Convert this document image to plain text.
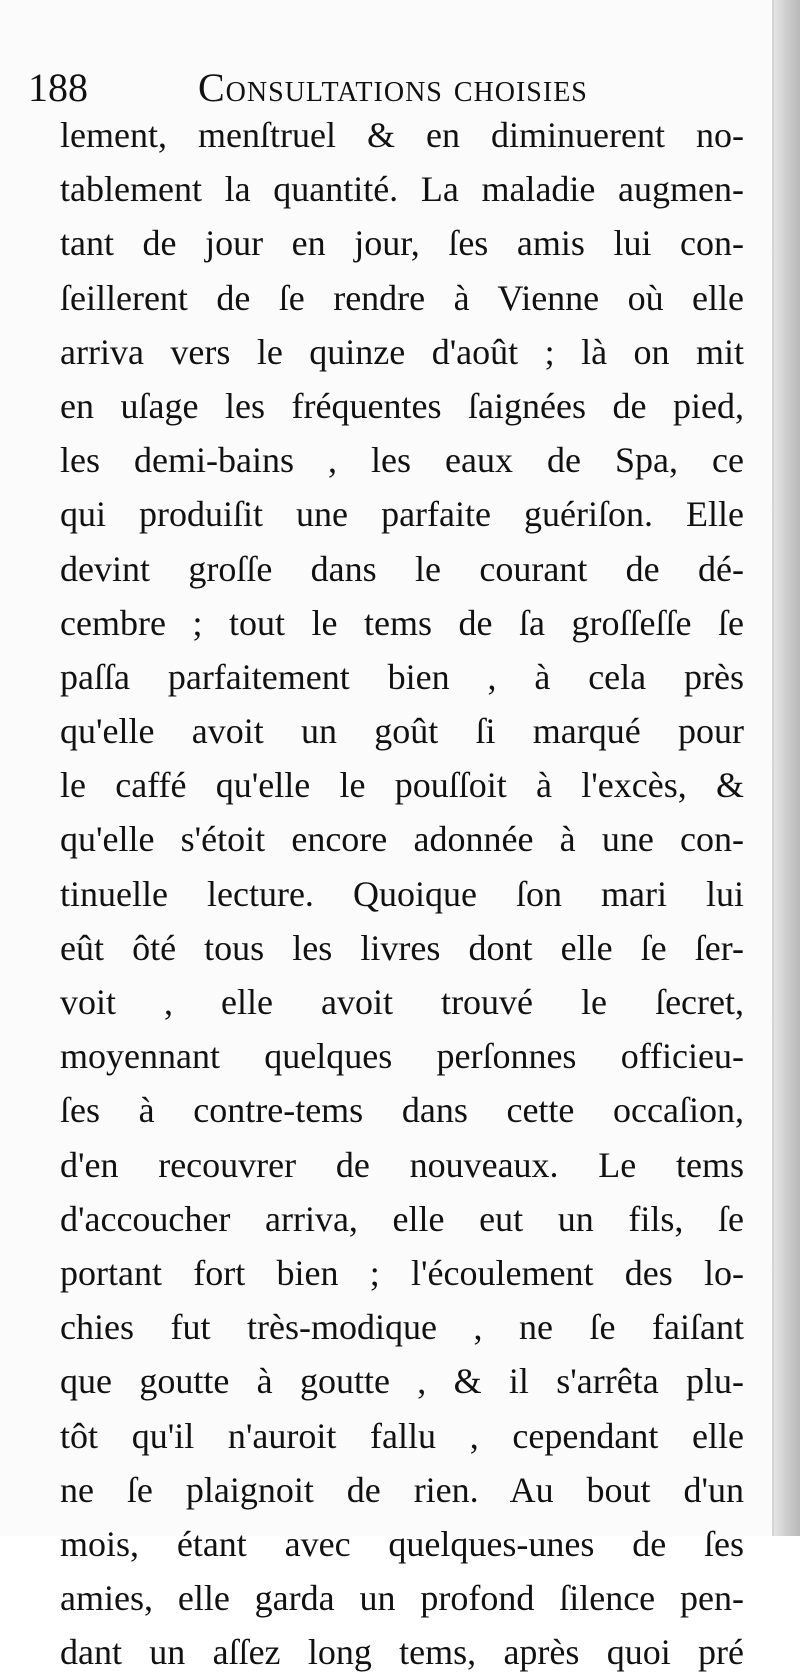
188	Consultations choisies
lement, menſtruel & en diminuerent no-
tablement la quantité. La maladie augmen-
tant de jour en jour, ſes amis lui con-
ſeillerent de ſe rendre à Vienne où elle
arriva vers le quinze d'août ; là on mit
en uſage les fréquentes ſaignées de pied,
les demi-bains , les eaux de Spa, ce
qui produiſit une parfaite guériſon. Elle
devint groſſe dans le courant de dé-
cembre ; tout le tems de ſa groſſeſſe ſe
paſſa parfaitement bien , à cela près
qu'elle avoit un goût ſi marqué pour
le caffé qu'elle le pouſſoit à l'excès, &
qu'elle s'étoit encore adonnée à une con-
tinuelle lecture. Quoique ſon mari lui
eût ôté tous les livres dont elle ſe ſer-
voit , elle avoit trouvé le ſecret,
moyennant quelques perſonnes officieu-
ſes à contre-tems dans cette occaſion,
d'en recouvrer de nouveaux. Le tems
d'accoucher arriva, elle eut un fils, ſe
portant fort bien ; l'écoulement des lo-
chies fut très-modique , ne ſe faiſant
que goutte à goutte , & il s'arrêta plu-
tôt qu'il n'auroit fallu , cependant elle
ne ſe plaignoit de rien. Au bout d'un
mois, étant avec quelques-unes de ſes
amies, elle garda un profond ſilence pen-
dant un aſſez long tems, après quoi pré
